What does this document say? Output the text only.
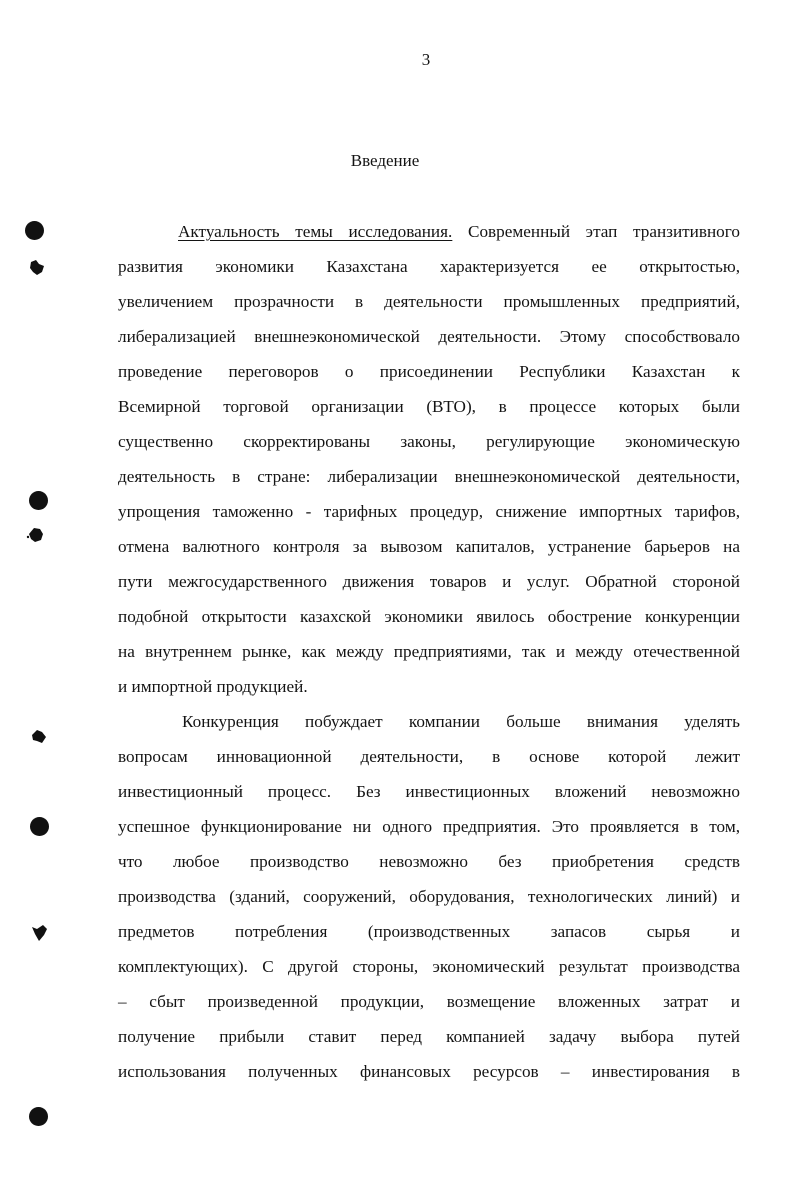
3
Введение
Актуальность темы исследования. Современный этап транзитивного
развития экономики Казахстана характеризуется ее открытостью,
увеличением прозрачности в деятельности промышленных предприятий,
либерализацией внешнеэкономической деятельности. Этому способствовало
проведение переговоров о присоединении Республики Казахстан к
Всемирной торговой организации (ВТО), в процессе которых были
существенно скорректированы законы, регулирующие экономическую
деятельность в стране: либерализации внешнеэкономической деятельности,
упрощения таможенно - тарифных процедур, снижение импортных тарифов,
отмена валютного контроля за вывозом капиталов, устранение барьеров на
пути межгосударственного движения товаров и услуг. Обратной стороной
подобной открытости казахской экономики явилось обострение конкуренции
на внутреннем рынке, как между предприятиями, так и между отечественной
и импортной продукцией.
Конкуренция побуждает компании больше внимания уделять
вопросам инновационной деятельности, в основе которой лежит
инвестиционный процесс. Без инвестиционных вложений невозможно
успешное функционирование ни одного предприятия. Это проявляется в том,
что любое производство невозможно без приобретения средств
производства (зданий, сооружений, оборудования, технологических линий) и
предметов потребления (производственных запасов сырья и
комплектующих). С другой стороны, экономический результат производства
– сбыт произведенной продукции, возмещение вложенных затрат и
получение прибыли ставит перед компанией задачу выбора путей
использования полученных финансовых ресурсов – инвестирования в
